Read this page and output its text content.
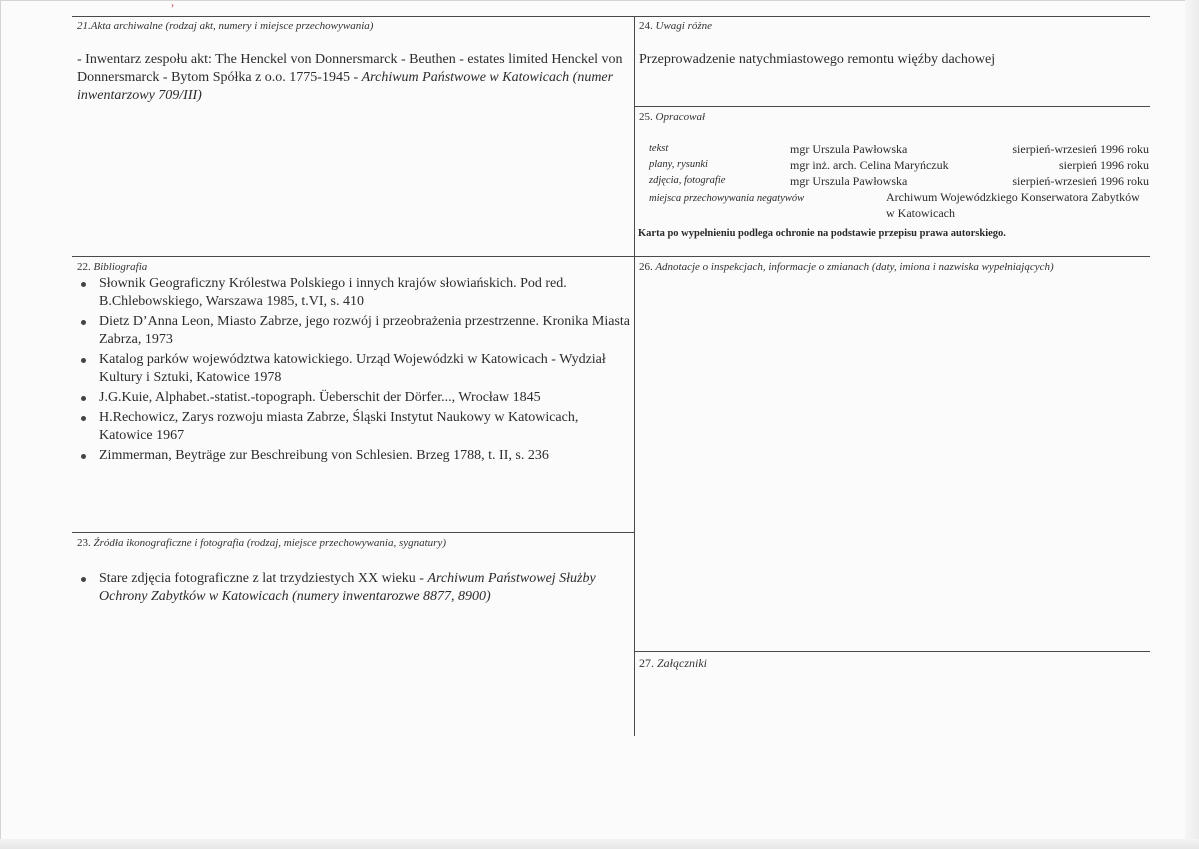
›
21.Akta archiwalne (rodzaj akt, numery i miejsce przechowywania)
- Inwentarz zespołu akt: The Henckel von Donnersmarck - Beuthen - estates limited Henckel von Donnersmarck - Bytom Spółka z o.o. 1775-1945 - Archiwum Państwowe w Katowicach (numer inwentarzowy 709/III)
22. Bibliografia
Słownik Geograficzny Królestwa Polskiego i innych krajów słowiańskich. Pod red. B.Chlebowskiego, Warszawa 1985, t.VI, s. 410
Dietz D’Anna Leon, Miasto Zabrze, jego rozwój i przeobrażenia przestrzenne. Kronika Miasta Zabrza, 1973
Katalog parków województwa katowickiego. Urząd Wojewódzki w Katowicach - Wydział Kultury i Sztuki, Katowice 1978
J.G.Kuie, Alphabet.-statist.-topograph. Üeberschit der Dörfer..., Wrocław 1845
H.Rechowicz, Zarys rozwoju miasta Zabrze, Śląski Instytut Naukowy w Katowicach, Katowice 1967
Zimmerman, Beyträge zur Beschreibung von Schlesien. Brzeg 1788, t. II, s. 236
23. Źródła ikonograficzne i fotografia (rodzaj, miejsce przechowywania, sygnatury)
Stare zdjęcia fotograficzne z lat trzydziestych XX wieku - Archiwum Państwowej Służby Ochrony Zabytków w Katowicach (numery inwentarozwe 8877, 8900)
24. Uwagi różne
Przeprowadzenie natychmiastowego remontu więźby dachowej
25. Opracował
tekst	mgr Urszula Pawłowska	sierpień-wrzesień 1996 roku
plany, rysunki	mgr inż. arch. Celina Maryńczuk	sierpień 1996 roku
zdjęcia, fotografie	mgr Urszula Pawłowska	sierpień-wrzesień 1996 roku
miejsca przechowywania negatywów	Archiwum Wojewódzkiego Konserwatora Zabytków w Katowicach
Karta po wypełnieniu podlega ochronie na podstawie przepisu prawa autorskiego.
26. Adnotacje o inspekcjach, informacje o zmianach (daty, imiona i nazwiska wypełniających)
27. Załączniki
